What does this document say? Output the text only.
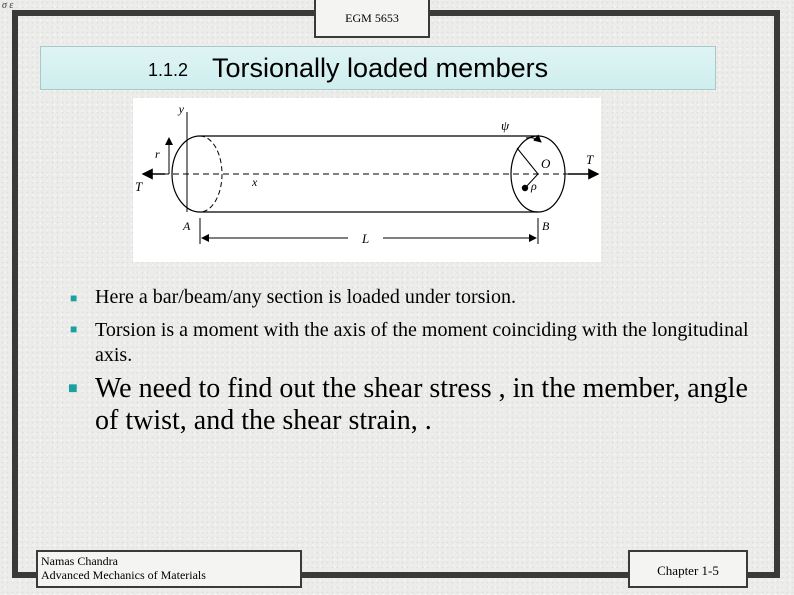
σ ε
EGM 5653
1.1.2 Torsionally loaded members
y
r
x
T
T
A	B
L
O
ρ
ψ
■ Here a bar/beam/any section is loaded under torsion.
■ Torsion is a moment with the axis of the moment coinciding with the longitudinal axis.
■ We need to find out the shear stress , in the member, angle of twist, and the shear strain, .
Namas Chandra
Advanced Mechanics of Materials	Chapter 1-5
